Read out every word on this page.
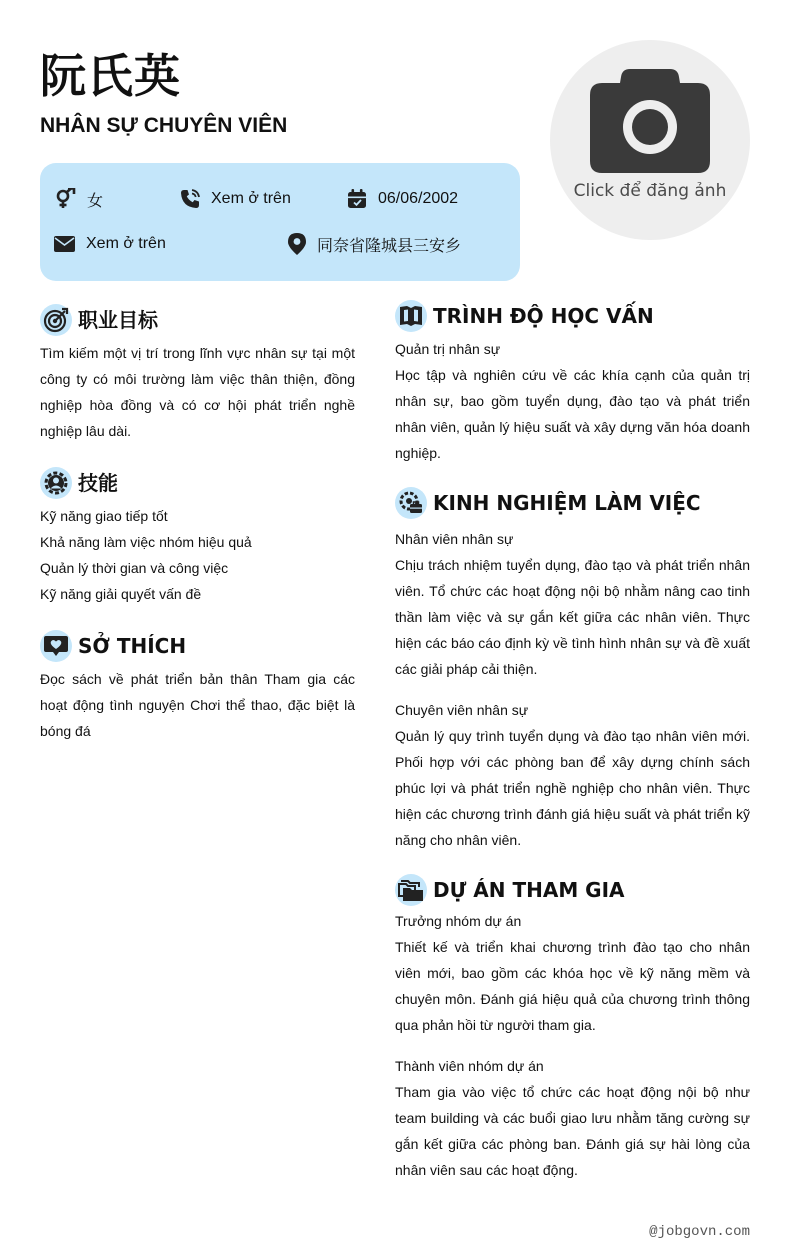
阮氏英
NHÂN SỰ CHUYÊN VIÊN
Click để đăng ảnh
女	Xem ở trên	06/06/2002
Xem ở trên	同奈省隆城县三安乡
职业目标
Tìm kiếm một vị trí trong lĩnh vực nhân sự tại một công ty có môi trường làm việc thân thiện, đồng nghiệp hòa đồng và có cơ hội phát triển nghề nghiệp lâu dài.
技能
Kỹ năng giao tiếp tốt
Khả năng làm việc nhóm hiệu quả
Quản lý thời gian và công việc
Kỹ năng giải quyết vấn đề
SỞ THÍCH
Đọc sách về phát triển bản thân Tham gia các hoạt động tình nguyện Chơi thể thao, đặc biệt là bóng đá
TRÌNH ĐỘ HỌC VẤN
Quản trị nhân sự
Học tập và nghiên cứu về các khía cạnh của quản trị nhân sự, bao gồm tuyển dụng, đào tạo và phát triển nhân viên, quản lý hiệu suất và xây dựng văn hóa doanh nghiệp.
KINH NGHIỆM LÀM VIỆC
Nhân viên nhân sự
Chịu trách nhiệm tuyển dụng, đào tạo và phát triển nhân viên. Tổ chức các hoạt động nội bộ nhằm nâng cao tinh thần làm việc và sự gắn kết giữa các nhân viên. Thực hiện các báo cáo định kỳ về tình hình nhân sự và đề xuất các giải pháp cải thiện.
Chuyên viên nhân sự
Quản lý quy trình tuyển dụng và đào tạo nhân viên mới. Phối hợp với các phòng ban để xây dựng chính sách phúc lợi và phát triển nghề nghiệp cho nhân viên. Thực hiện các chương trình đánh giá hiệu suất và phát triển kỹ năng cho nhân viên.
DỰ ÁN THAM GIA
Trưởng nhóm dự án
Thiết kế và triển khai chương trình đào tạo cho nhân viên mới, bao gồm các khóa học về kỹ năng mềm và chuyên môn. Đánh giá hiệu quả của chương trình thông qua phản hồi từ người tham gia.
Thành viên nhóm dự án
Tham gia vào việc tổ chức các hoạt động nội bộ như team building và các buổi giao lưu nhằm tăng cường sự gắn kết giữa các phòng ban. Đánh giá sự hài lòng của nhân viên sau các hoạt động.
@jobgovn.com
